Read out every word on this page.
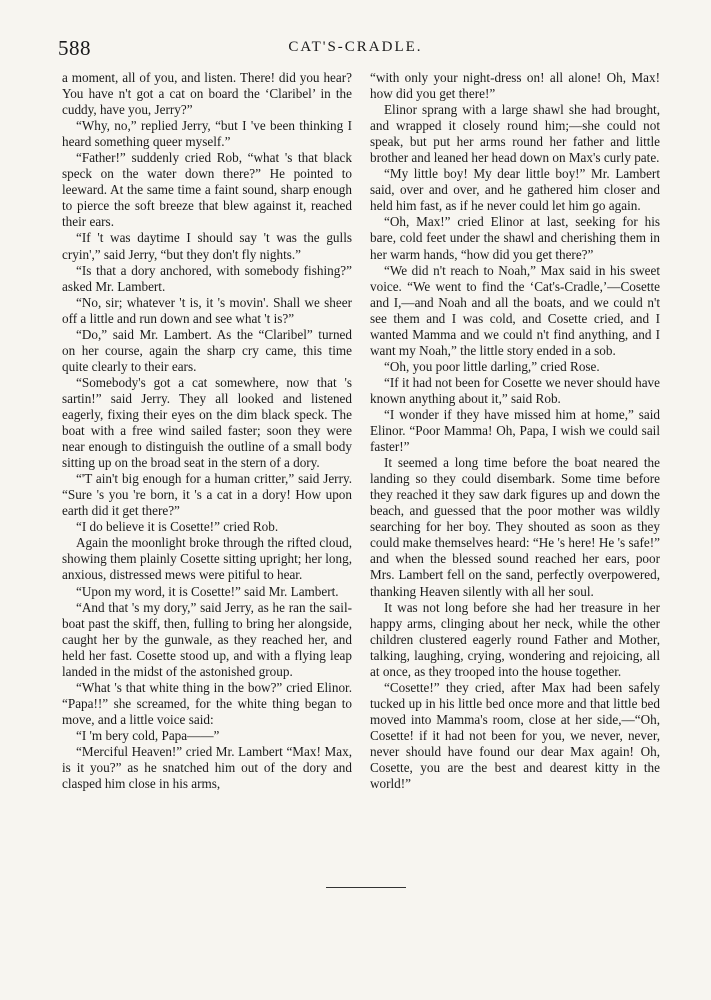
588	CAT'S-CRADLE.

a moment, all of you, and listen. There! did you hear? You have n't got a cat on board the ‘Claribel’ in the cuddy, have you, Jerry?”

“Why, no,” replied Jerry, “but I 've been thinking I heard something queer myself.”

“Father!” suddenly cried Rob, “what 's that black speck on the water down there?” He pointed to leeward. At the same time a faint sound, sharp enough to pierce the soft breeze that blew against it, reached their ears.

“If 't was daytime I should say 't was the gulls cryin',” said Jerry, “but they don't fly nights.”

“Is that a dory anchored, with somebody fishing?” asked Mr. Lambert.

“No, sir; whatever 't is, it 's movin'. Shall we sheer off a little and run down and see what 't is?”

“Do,” said Mr. Lambert. As the “Claribel” turned on her course, again the sharp cry came, this time quite clearly to their ears.

“Somebody's got a cat somewhere, now that 's sartin!” said Jerry. They all looked and listened eagerly, fixing their eyes on the dim black speck. The boat with a free wind sailed faster; soon they were near enough to distinguish the outline of a small body sitting up on the broad seat in the stern of a dory.

“'T ain't big enough for a human critter,” said Jerry. “Sure 's you 're born, it 's a cat in a dory! How upon earth did it get there?”

“I do believe it is Cosette!” cried Rob.

Again the moonlight broke through the rifted cloud, showing them plainly Cosette sitting upright; her long, anxious, distressed mews were pitiful to hear.

“Upon my word, it is Cosette!” said Mr. Lambert.

“And that 's my dory,” said Jerry, as he ran the sail-boat past the skiff, then, fulling to bring her alongside, caught her by the gunwale, as they reached her, and held her fast. Cosette stood up, and with a flying leap landed in the midst of the astonished group.

“What 's that white thing in the bow?” cried Elinor. “Papa!!” she screamed, for the white thing began to move, and a little voice said:

“I 'm bery cold, Papa——”

“Merciful Heaven!” cried Mr. Lambert “Max! Max, is it you?” as he snatched him out of the dory and clasped him close in his arms,

“with only your night-dress on! all alone! Oh, Max! how did you get there!”

Elinor sprang with a large shawl she had brought, and wrapped it closely round him;—she could not speak, but put her arms round her father and little brother and leaned her head down on Max's curly pate.

“My little boy! My dear little boy!” Mr. Lambert said, over and over, and he gathered him closer and held him fast, as if he never could let him go again.

“Oh, Max!” cried Elinor at last, seeking for his bare, cold feet under the shawl and cherishing them in her warm hands, “how did you get there?”

“We did n't reach to Noah,” Max said in his sweet voice. “We went to find the ‘Cat's-Cradle,’—Cosette and I,—and Noah and all the boats, and we could n't see them and I was cold, and Cosette cried, and I wanted Mamma and we could n't find anything, and I want my Noah,” the little story ended in a sob.

“Oh, you poor little darling,” cried Rose.

“If it had not been for Cosette we never should have known anything about it,” said Rob.

“I wonder if they have missed him at home,” said Elinor. “Poor Mamma! Oh, Papa, I wish we could sail faster!”

It seemed a long time before the boat neared the landing so they could disembark. Some time before they reached it they saw dark figures up and down the beach, and guessed that the poor mother was wildly searching for her boy. They shouted as soon as they could make themselves heard: “He 's here! He 's safe!” and when the blessed sound reached her ears, poor Mrs. Lambert fell on the sand, perfectly overpowered, thanking Heaven silently with all her soul.

It was not long before she had her treasure in her happy arms, clinging about her neck, while the other children clustered eagerly round Father and Mother, talking, laughing, crying, wondering and rejoicing, all at once, as they trooped into the house together.

“Cosette!” they cried, after Max had been safely tucked up in his little bed once more and that little bed moved into Mamma's room, close at her side,—“Oh, Cosette! if it had not been for you, we never, never, never should have found our dear Max again! Oh, Cosette, you are the best and dearest kitty in the world!”
